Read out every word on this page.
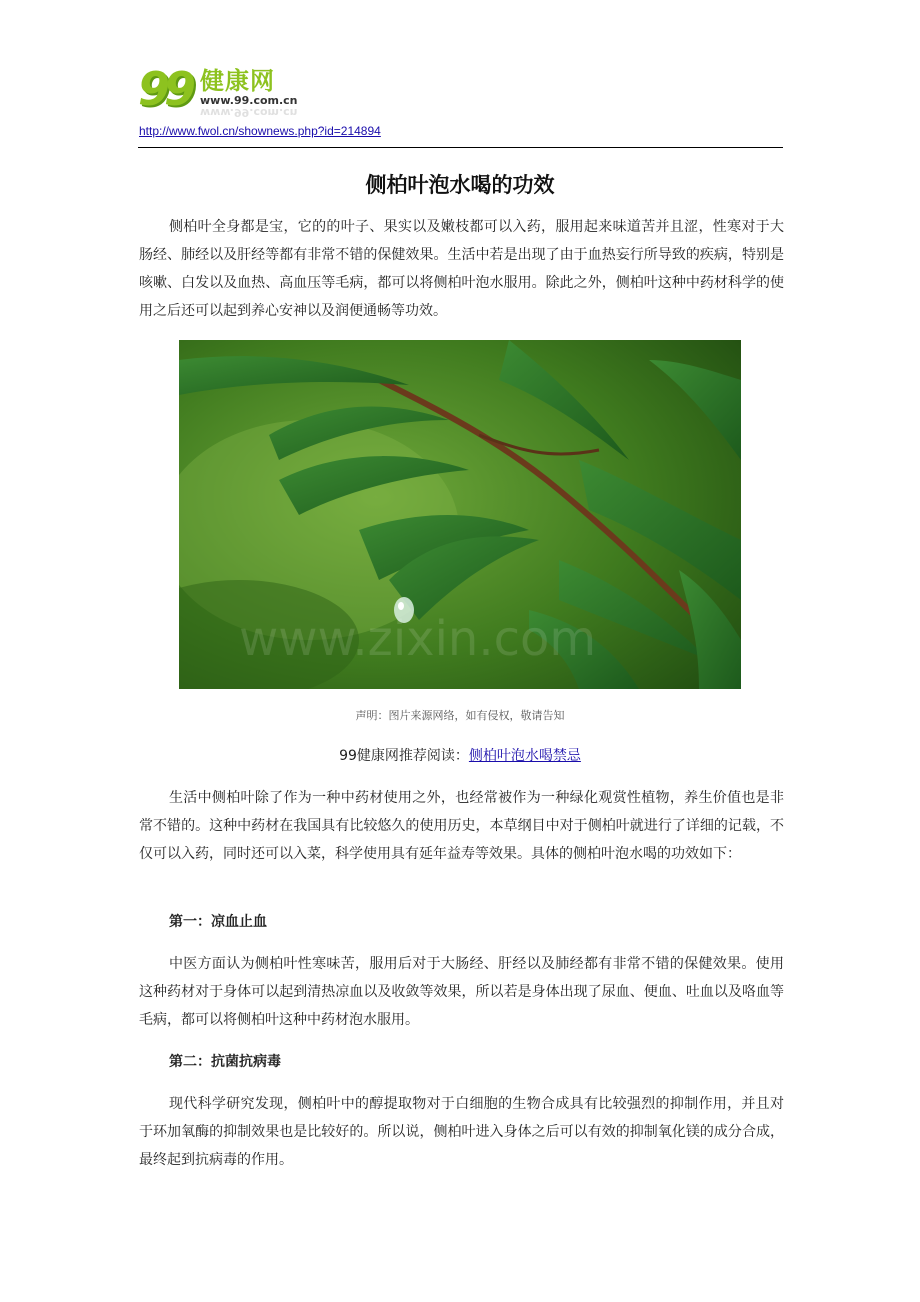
99 健康网
www.99.com.cn
www.99.com.cn
http://www.fwol.cn/shownews.php?id=214894
侧柏叶泡水喝的功效

侧柏叶全身都是宝，它的的叶子、果实以及嫩枝都可以入药，服用起来味道苦并且涩，性寒对于大肠经、肺经以及肝经等都有非常不错的保健效果。生活中若是出现了由于血热妄行所导致的疾病，特别是咳嗽、白发以及血热、高血压等毛病，都可以将侧柏叶泡水服用。除此之外，侧柏叶这种中药材科学的使用之后还可以起到养心安神以及润便通畅等功效。

www.zixin.com
声明：图片来源网络，如有侵权，敬请告知
99健康网推荐阅读：侧柏叶泡水喝禁忌

生活中侧柏叶除了作为一种中药材使用之外，也经常被作为一种绿化观赏性植物，养生价值也是非常不错的。这种中药材在我国具有比较悠久的使用历史，本草纲目中对于侧柏叶就进行了详细的记载，不仅可以入药，同时还可以入菜，科学使用具有延年益寿等效果。具体的侧柏叶泡水喝的功效如下：

第一：凉血止血

中医方面认为侧柏叶性寒味苦，服用后对于大肠经、肝经以及肺经都有非常不错的保健效果。使用这种药材对于身体可以起到清热凉血以及收敛等效果，所以若是身体出现了尿血、便血、吐血以及咯血等毛病，都可以将侧柏叶这种中药材泡水服用。

第二：抗菌抗病毒

现代科学研究发现，侧柏叶中的醇提取物对于白细胞的生物合成具有比较强烈的抑制作用，并且对于环加氧酶的抑制效果也是比较好的。所以说，侧柏叶进入身体之后可以有效的抑制氧化镁的成分合成，最终起到抗病毒的作用。
